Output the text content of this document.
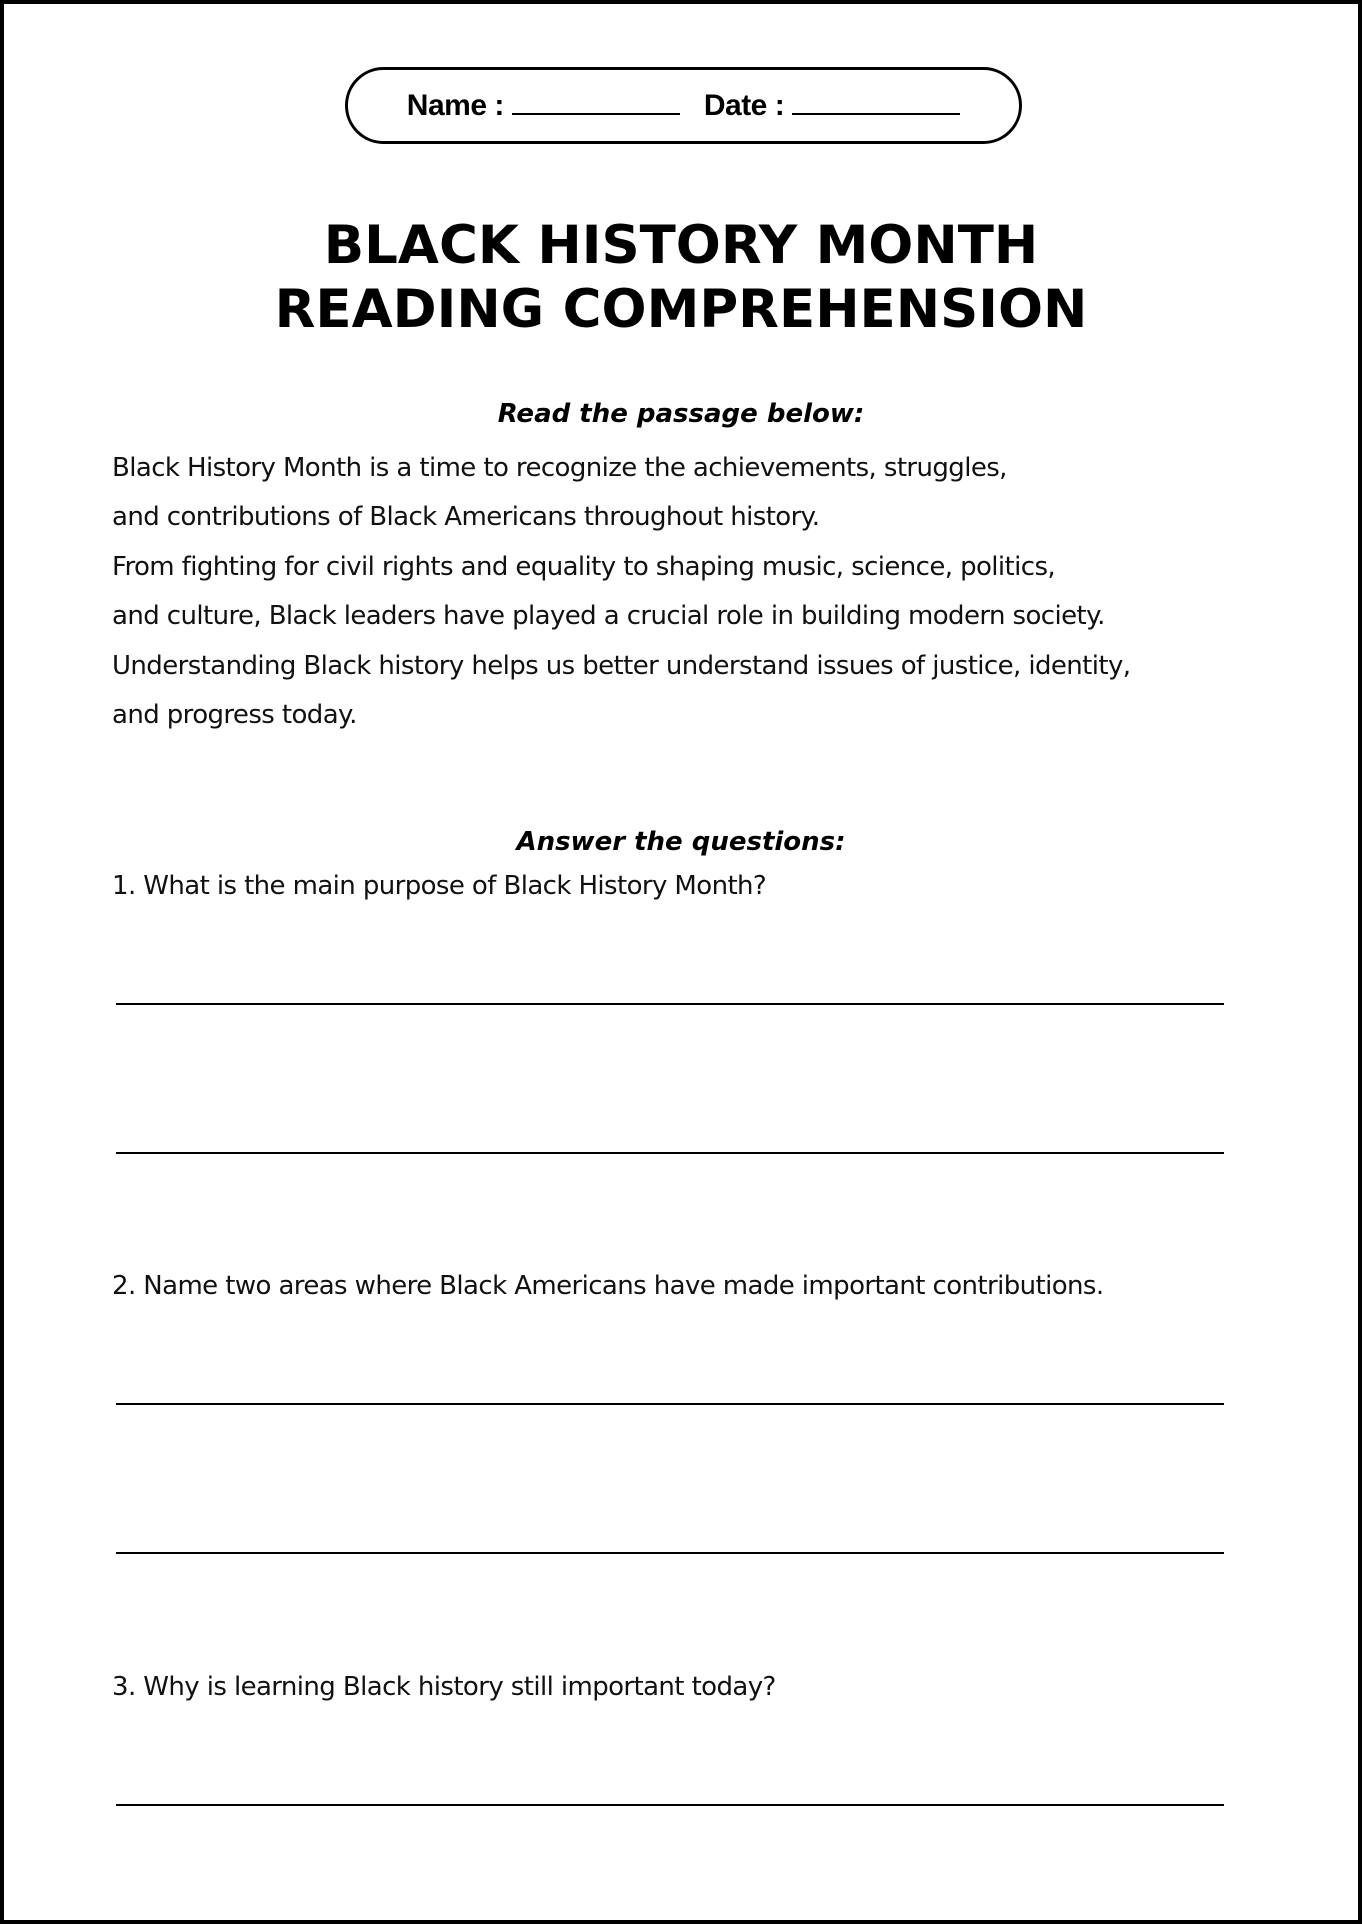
Name :	Date :
BLACK HISTORY MONTH
READING COMPREHENSION
Read the passage below:
Black History Month is a time to recognize the achievements, struggles,
and contributions of Black Americans throughout history.
From fighting for civil rights and equality to shaping music, science, politics,
and culture, Black leaders have played a crucial role in building modern society.
Understanding Black history helps us better understand issues of justice, identity,
and progress today.
Answer the questions:
1. What is the main purpose of Black History Month?
2. Name two areas where Black Americans have made important contributions.
3. Why is learning Black history still important today?
